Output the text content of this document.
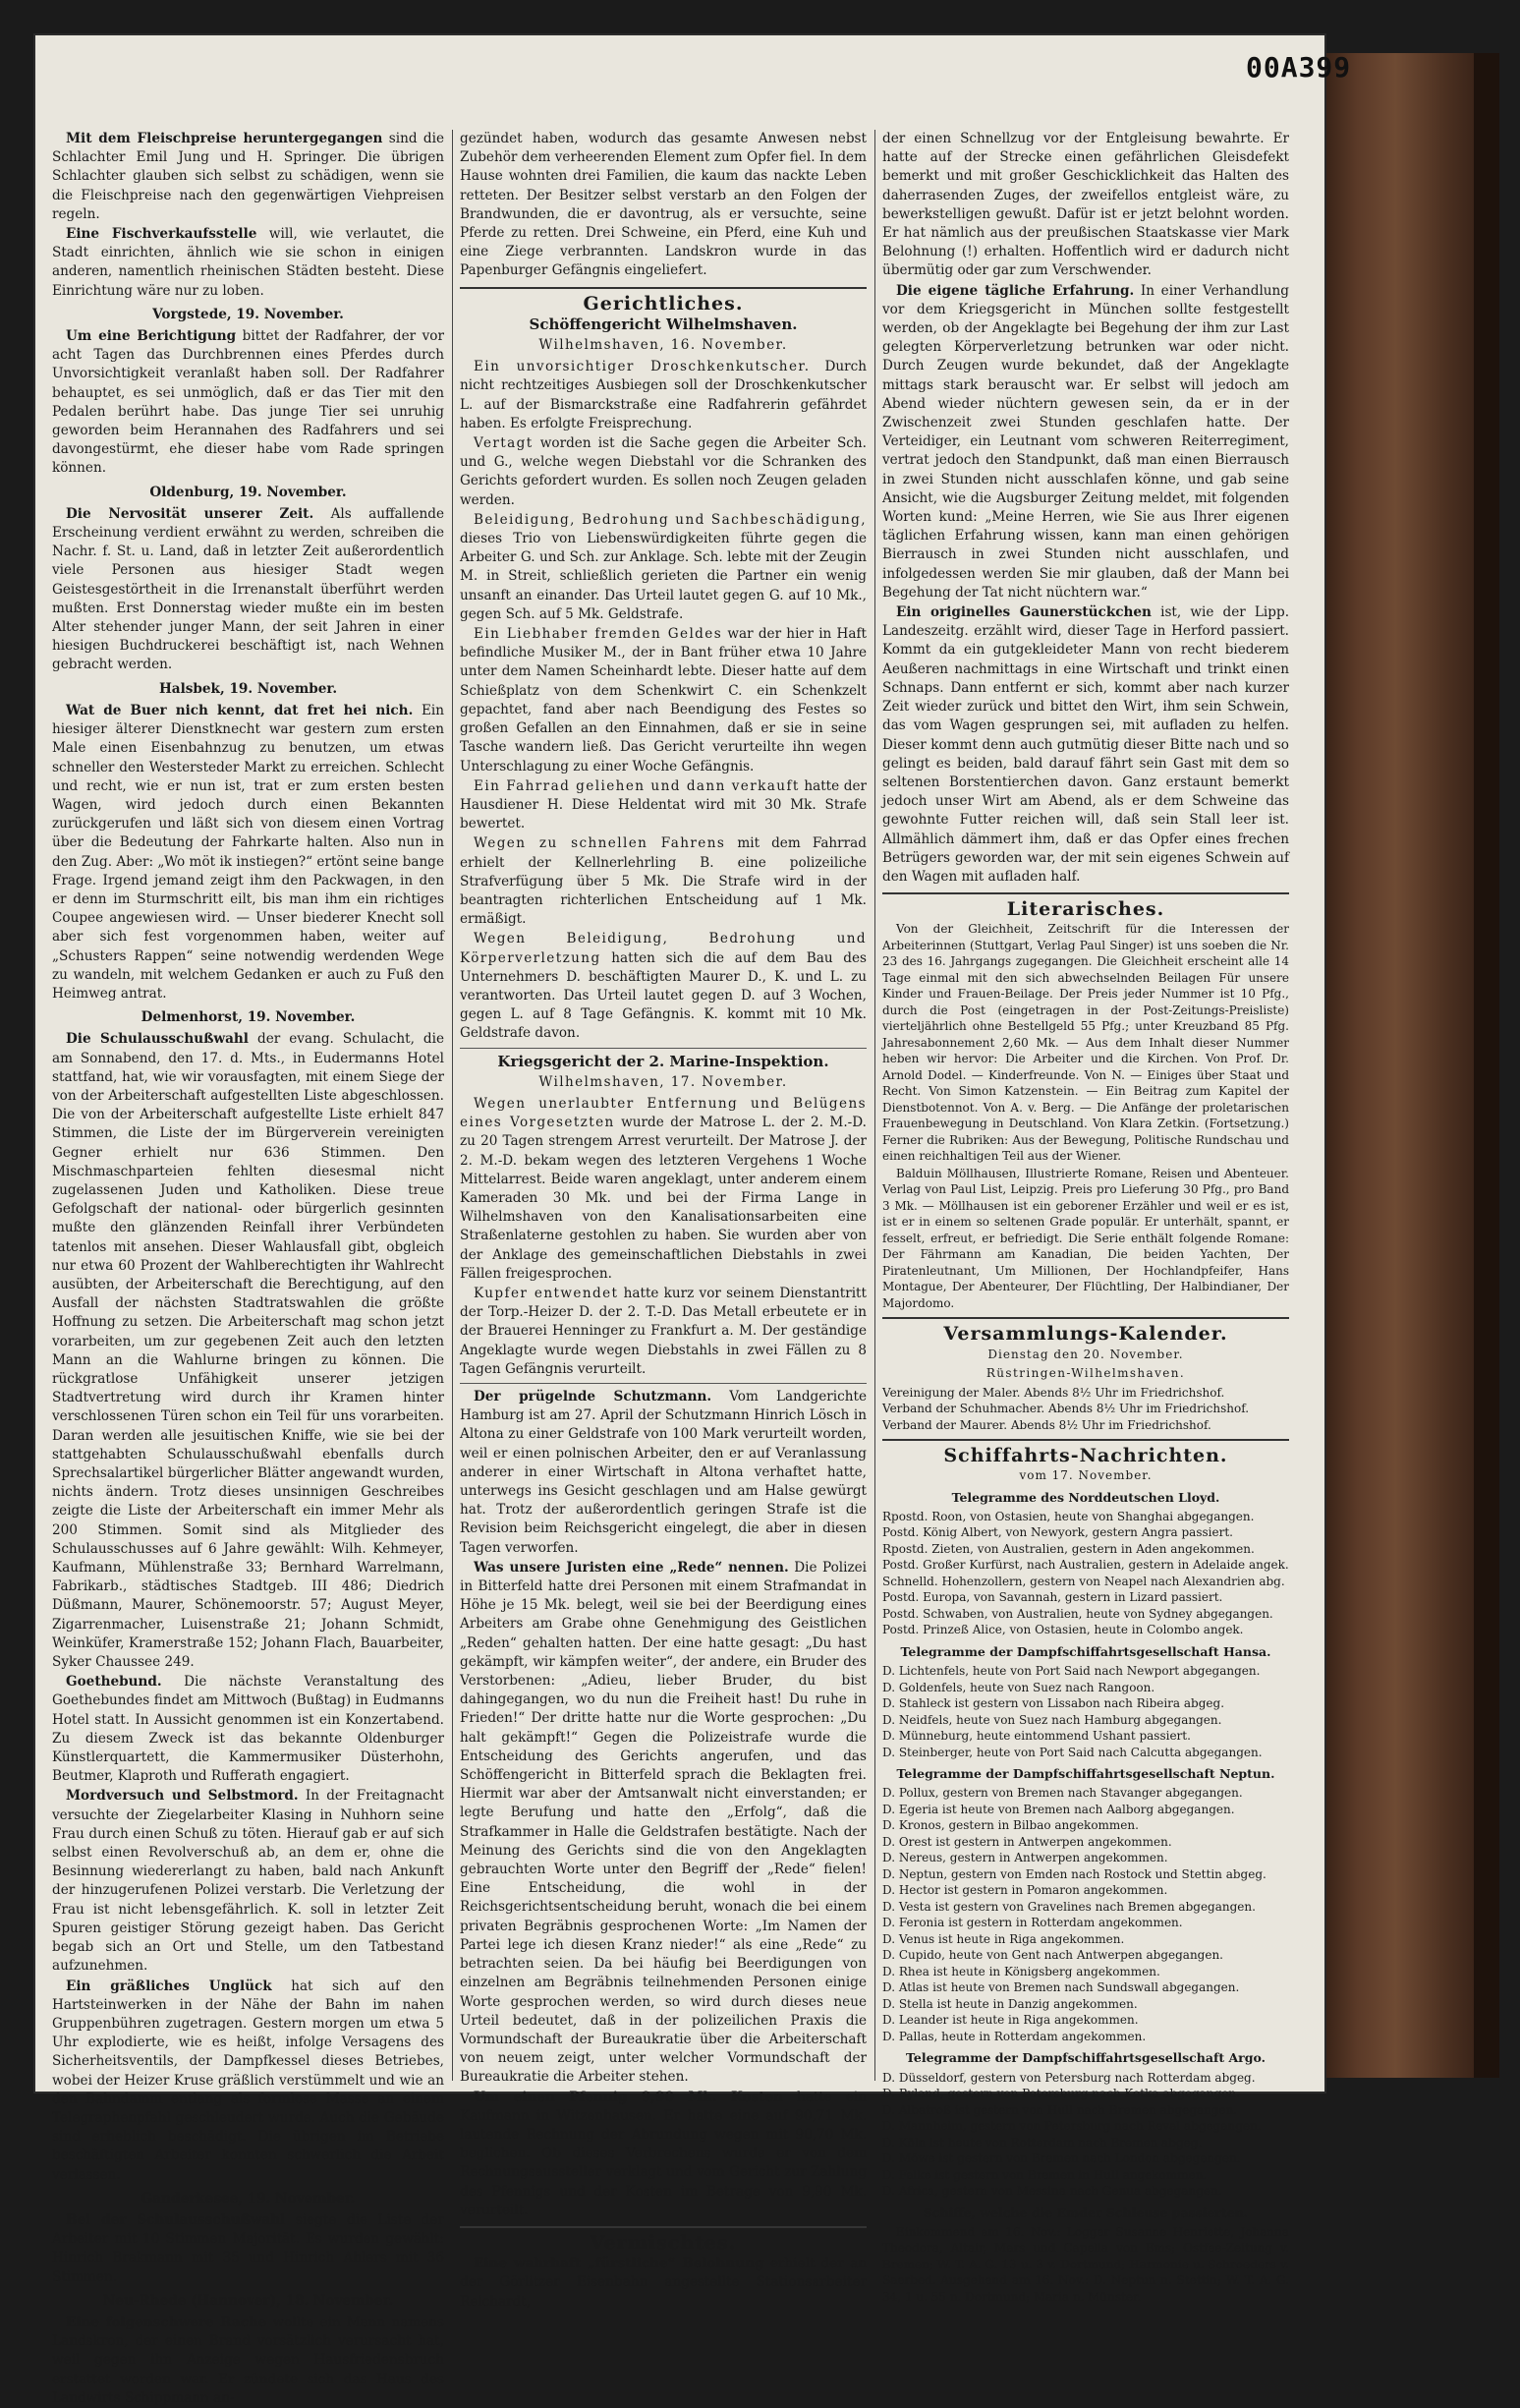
00A399

Mit dem Fleischpreise heruntergegangen sind die Schlachter Emil Jung und H. Springer. Die übrigen Schlachter glauben sich selbst zu schädigen, wenn sie die Fleischpreise nach den gegenwärtigen Viehpreisen regeln.

Eine Fischverkaufsstelle will, wie verlautet, die Stadt einrichten, ähnlich wie sie schon in einigen anderen, namentlich rheinischen Städten besteht. Diese Einrichtung wäre nur zu loben.

Vorgstede, 19. November.

Um eine Berichtigung bittet der Radfahrer, der vor acht Tagen das Durchbrennen eines Pferdes durch Unvorsichtigkeit veranlaßt haben soll. Der Radfahrer behauptet, es sei unmöglich, daß er das Tier mit den Pedalen berührt habe. Das junge Tier sei unruhig geworden beim Herannahen des Radfahrers und sei davongestürmt, ehe dieser habe vom Rade springen können.

Oldenburg, 19. November.

Die Nervosität unserer Zeit. Als auffallende Erscheinung verdient erwähnt zu werden, schreiben die Nachr. f. St. u. Land, daß in letzter Zeit außerordentlich viele Personen aus hiesiger Stadt wegen Geistesgestörtheit in die Irrenanstalt überführt werden mußten. Erst Donnerstag wieder mußte ein im besten Alter stehender junger Mann, der seit Jahren in einer hiesigen Buchdruckerei beschäftigt ist, nach Wehnen gebracht werden.

Halsbek, 19. November.

Wat de Buer nich kennt, dat fret hei nich. Ein hiesiger älterer Dienstknecht war gestern zum ersten Male einen Eisenbahnzug zu benutzen, um etwas schneller den Westersteder Markt zu erreichen. Schlecht und recht, wie er nun ist, trat er zum ersten besten Wagen, wird jedoch durch einen Bekannten zurückgerufen und läßt sich von diesem einen Vortrag über die Bedeutung der Fahrkarte halten. Also nun in den Zug. Aber: „Wo möt ik instiegen?“ ertönt seine bange Frage. Irgend jemand zeigt ihm den Packwagen, in den er denn im Sturmschritt eilt, bis man ihm ein richtiges Coupee angewiesen wird. — Unser biederer Knecht soll aber sich fest vorgenommen haben, weiter auf „Schusters Rappen“ seine notwendig werdenden Wege zu wandeln, mit welchem Gedanken er auch zu Fuß den Heimweg antrat.

Delmenhorst, 19. November.

Die Schulausschußwahl der evang. Schulacht, die am Sonnabend, den 17. d. Mts., in Eudermanns Hotel stattfand, hat, wie wir vorausfagten, mit einem Siege der von der Arbeiterschaft aufgestellten Liste abgeschlossen. Die von der Arbeiterschaft aufgestellte Liste erhielt 847 Stimmen, die Liste der im Bürgerverein vereinigten Gegner erhielt nur 636 Stimmen. Den Mischmaschparteien fehlten diesesmal nicht zugelassenen Juden und Katholiken. Diese treue Gefolgschaft der national- oder bürgerlich gesinnten mußte den glänzenden Reinfall ihrer Verbündeten tatenlos mit ansehen. Dieser Wahlausfall gibt, obgleich nur etwa 60 Prozent der Wahlberechtigten ihr Wahlrecht ausübten, der Arbeiterschaft die Berechtigung, auf den Ausfall der nächsten Stadtratswahlen die größte Hoffnung zu setzen. Die Arbeiterschaft mag schon jetzt vorarbeiten, um zur gegebenen Zeit auch den letzten Mann an die Wahlurne bringen zu können. Die rückgratlose Unfähigkeit unserer jetzigen Stadtvertretung wird durch ihr Kramen hinter verschlossenen Türen schon ein Teil für uns vorarbeiten. Daran werden alle jesuitischen Kniffe, wie sie bei der stattgehabten Schulausschußwahl ebenfalls durch Sprechsalartikel bürgerlicher Blätter angewandt wurden, nichts ändern. Trotz dieses unsinnigen Geschreibes zeigte die Liste der Arbeiterschaft ein immer Mehr als 200 Stimmen. Somit sind als Mitglieder des Schulausschusses auf 6 Jahre gewählt: Wilh. Kehmeyer, Kaufmann, Mühlenstraße 33; Bernhard Warrelmann, Fabrikarb., städtisches Stadtgeb. III 486; Diedrich Düßmann, Maurer, Schönemoorstr. 57; August Meyer, Zigarrenmacher, Luisenstraße 21; Johann Schmidt, Weinküfer, Kramerstraße 152; Johann Flach, Bauarbeiter, Syker Chaussee 249.

Goethebund. Die nächste Veranstaltung des Goethebundes findet am Mittwoch (Bußtag) in Eudmanns Hotel statt. In Aussicht genommen ist ein Konzertabend. Zu diesem Zweck ist das bekannte Oldenburger Künstlerquartett, die Kammermusiker Düsterhohn, Beutmer, Klaproth und Rufferath engagiert.

Mordversuch und Selbstmord. In der Freitagnacht versuchte der Ziegelarbeiter Klasing in Nuhhorn seine Frau durch einen Schuß zu töten. Hierauf gab er auf sich selbst einen Revolverschuß ab, an dem er, ohne die Besinnung wiedererlangt zu haben, bald nach Ankunft der hinzugerufenen Polizei verstarb. Die Verletzung der Frau ist nicht lebensgefährlich. K. soll in letzter Zeit Spuren geistiger Störung gezeigt haben. Das Gericht begab sich an Ort und Stelle, um den Tatbestand aufzunehmen.

Ein gräßliches Unglück hat sich auf den Hartsteinwerken in der Nähe der Bahn im nahen Gruppenbühren zugetragen. Gestern morgen um etwa 5 Uhr explodierte, wie es heißt, infolge Versagens des Sicherheitsventils, der Dampfkessel dieses Betriebes, wobei der Heizer Kruse gräßlich verstümmelt und wie an den Bahndamm entlang als formlose Masse an einem Telegraphenpfahl geschleudert wurde. Auch die Gebäude sind erheblich beschädigt. Die übrigen im Betriebe beschäftigten Arbeiter konnten schwerlich die Arbeit verlassen.

Ganderkesee, 19. November.

Bei der Schulausschußwahl siegte die Liste der Arbeiter mit 10 Stimmen Majorität. Es wurden gewählt: Hinrich Brakmann mit 35 und Hinrich Ahlers mit 36 Stimmen.

Neu-Rhede (Hannover), 18. November.

Eine folgenschwere Rache wollte ein Mann namens Landskron, der einen Brand vorsätzlich verursacht hat, weil gegen ihn Anzeige wegen Hausfriedensbruch erstattet worden war. Er zündete sich das Haus des Landwirts Schippmann an-

gezündet haben, wodurch das gesamte Anwesen nebst Zubehör dem verheerenden Element zum Opfer fiel. In dem Hause wohnten drei Familien, die kaum das nackte Leben retteten. Der Besitzer selbst verstarb an den Folgen der Brandwunden, die er davontrug, als er versuchte, seine Pferde zu retten. Drei Schweine, ein Pferd, eine Kuh und eine Ziege verbrannten. Landskron wurde in das Papenburger Gefängnis eingeliefert.

Gerichtliches.
Schöffengericht Wilhelmshaven.
Wilhelmshaven, 16. November.

Ein unvorsichtiger Droschkenkutscher. Durch nicht rechtzeitiges Ausbiegen soll der Droschkenkutscher L. auf der Bismarckstraße eine Radfahrerin gefährdet haben. Es erfolgte Freisprechung.

Vertagt worden ist die Sache gegen die Arbeiter Sch. und G., welche wegen Diebstahl vor die Schranken des Gerichts gefordert wurden. Es sollen noch Zeugen geladen werden.

Beleidigung, Bedrohung und Sachbeschädigung, dieses Trio von Liebenswürdigkeiten führte gegen die Arbeiter G. und Sch. zur Anklage. Sch. lebte mit der Zeugin M. in Streit, schließlich gerieten die Partner ein wenig unsanft an einander. Das Urteil lautet gegen G. auf 10 Mk., gegen Sch. auf 5 Mk. Geldstrafe.

Ein Liebhaber fremden Geldes war der hier in Haft befindliche Musiker M., der in Bant früher etwa 10 Jahre unter dem Namen Scheinhardt lebte. Dieser hatte auf dem Schießplatz von dem Schenkwirt C. ein Schenkzelt gepachtet, fand aber nach Beendigung des Festes so großen Gefallen an den Einnahmen, daß er sie in seine Tasche wandern ließ. Das Gericht verurteilte ihn wegen Unterschlagung zu einer Woche Gefängnis.

Ein Fahrrad geliehen und dann verkauft hatte der Hausdiener H. Diese Heldentat wird mit 30 Mk. Strafe bewertet.

Wegen zu schnellen Fahrens mit dem Fahrrad erhielt der Kellnerlehrling B. eine polizeiliche Strafverfügung über 5 Mk. Die Strafe wird in der beantragten richterlichen Entscheidung auf 1 Mk. ermäßigt.

Wegen Beleidigung, Bedrohung und Körperverletzung hatten sich die auf dem Bau des Unternehmers D. beschäftigten Maurer D., K. und L. zu verantworten. Das Urteil lautet gegen D. auf 3 Wochen, gegen L. auf 8 Tage Gefängnis. K. kommt mit 10 Mk. Geldstrafe davon.

Kriegsgericht der 2. Marine-Inspektion.
Wilhelmshaven, 17. November.

Wegen unerlaubter Entfernung und Belügens eines Vorgesetzten wurde der Matrose L. der 2. M.-D. zu 20 Tagen strengem Arrest verurteilt. Der Matrose J. der 2. M.-D. bekam wegen des letzteren Vergehens 1 Woche Mittelarrest. Beide waren angeklagt, unter anderem einem Kameraden 30 Mk. und bei der Firma Lange in Wilhelmshaven von den Kanalisationsarbeiten eine Straßenlaterne gestohlen zu haben. Sie wurden aber von der Anklage des gemeinschaftlichen Diebstahls in zwei Fällen freigesprochen.

Kupfer entwendet hatte kurz vor seinem Dienstantritt der Torp.-Heizer D. der 2. T.-D. Das Metall erbeutete er in der Brauerei Henninger zu Frankfurt a. M. Der geständige Angeklagte wurde wegen Diebstahls in zwei Fällen zu 8 Tagen Gefängnis verurteilt.

Der prügelnde Schutzmann. Vom Landgerichte Hamburg ist am 27. April der Schutzmann Hinrich Lösch in Altona zu einer Geldstrafe von 100 Mark verurteilt worden, weil er einen polnischen Arbeiter, den er auf Veranlassung anderer in einer Wirtschaft in Altona verhaftet hatte, unterwegs ins Gesicht geschlagen und am Halse gewürgt hat. Trotz der außerordentlich geringen Strafe ist die Revision beim Reichsgericht eingelegt, die aber in diesen Tagen verworfen.

Was unsere Juristen eine „Rede“ nennen. Die Polizei in Bitterfeld hatte drei Personen mit einem Strafmandat in Höhe je 15 Mk. belegt, weil sie bei der Beerdigung eines Arbeiters am Grabe ohne Genehmigung des Geistlichen „Reden“ gehalten hatten. Der eine hatte gesagt: „Du hast gekämpft, wir kämpfen weiter“, der andere, ein Bruder des Verstorbenen: „Adieu, lieber Bruder, du bist dahingegangen, wo du nun die Freiheit hast! Du ruhe in Frieden!“ Der dritte hatte nur die Worte gesprochen: „Du halt gekämpft!“ Gegen die Polizeistrafe wurde die Entscheidung des Gerichts angerufen, und das Schöffengericht in Bitterfeld sprach die Beklagten frei. Hiermit war aber der Amtsanwalt nicht einverstanden; er legte Berufung und hatte den „Erfolg“, daß die Strafkammer in Halle die Geldstrafen bestätigte. Nach der Meinung des Gerichts sind die von den Angeklagten gebrauchten Worte unter den Begriff der „Rede“ fielen! Eine Entscheidung, die wohl in der Reichsgerichtsentscheidung beruht, wonach die bei einem privaten Begräbnis gesprochenen Worte: „Im Namen der Partei lege ich diesen Kranz nieder!“ als eine „Rede“ zu betrachten seien. Da bei häufig bei Beerdigungen von einzelnen am Begräbnis teilnehmenden Personen einige Worte gesprochen werden, so wird durch dieses neue Urteil bedeutet, daß in der polizeilichen Praxis die Vormundschaft der Bureaukratie über die Arbeiterschaft von neuem zeigt, unter welcher Vormundschaft der Bureaukratie die Arbeiter stehen.

Um einen Pfennig 9,90 Mk. Kosten hatte ein Kaufmann in Witzenhausen. Er hatte eine auf 90,71 Mk. lautende Rechnung der Abrundung wegen mit 90,70 Mk. beglichen. Ob dieses Verbrechens wurde er von dem Rechnungsaussteller verklagt und vom Gericht zur Zahlung des Pfennigs und der Kosten im Betrage von 9,90 Mk. verurteilt.

Vermischtes.

Eine wahrhaft „fürstliche“ Belohnung erhielt der an der Görlitzer Eisenbahn angestellte Stationsarbeiter Reichardt,

der einen Schnellzug vor der Entgleisung bewahrte. Er hatte auf der Strecke einen gefährlichen Gleisdefekt bemerkt und mit großer Geschicklichkeit das Halten des daherrasenden Zuges, der zweifellos entgleist wäre, zu bewerkstelligen gewußt. Dafür ist er jetzt belohnt worden. Er hat nämlich aus der preußischen Staatskasse vier Mark Belohnung (!) erhalten. Hoffentlich wird er dadurch nicht übermütig oder gar zum Verschwender.

Die eigene tägliche Erfahrung. In einer Verhandlung vor dem Kriegsgericht in München sollte festgestellt werden, ob der Angeklagte bei Begehung der ihm zur Last gelegten Körperverletzung betrunken war oder nicht. Durch Zeugen wurde bekundet, daß der Angeklagte mittags stark berauscht war. Er selbst will jedoch am Abend wieder nüchtern gewesen sein, da er in der Zwischenzeit zwei Stunden geschlafen hatte. Der Verteidiger, ein Leutnant vom schweren Reiterregiment, vertrat jedoch den Standpunkt, daß man einen Bierrausch in zwei Stunden nicht ausschlafen könne, und gab seine Ansicht, wie die Augsburger Zeitung meldet, mit folgenden Worten kund: „Meine Herren, wie Sie aus Ihrer eigenen täglichen Erfahrung wissen, kann man einen gehörigen Bierrausch in zwei Stunden nicht ausschlafen, und infolgedessen werden Sie mir glauben, daß der Mann bei Begehung der Tat nicht nüchtern war.“

Ein originelles Gaunerstückchen ist, wie der Lipp. Landeszeitg. erzählt wird, dieser Tage in Herford passiert. Kommt da ein gutgekleideter Mann von recht biederem Aeußeren nachmittags in eine Wirtschaft und trinkt einen Schnaps. Dann entfernt er sich, kommt aber nach kurzer Zeit wieder zurück und bittet den Wirt, ihm sein Schwein, das vom Wagen gesprungen sei, mit aufladen zu helfen. Dieser kommt denn auch gutmütig dieser Bitte nach und so gelingt es beiden, bald darauf fährt sein Gast mit dem so seltenen Borstentierchen davon. Ganz erstaunt bemerkt jedoch unser Wirt am Abend, als er dem Schweine das gewohnte Futter reichen will, daß sein Stall leer ist. Allmählich dämmert ihm, daß er das Opfer eines frechen Betrügers geworden war, der mit sein eigenes Schwein auf den Wagen mit aufladen half.

Literarisches.

Von der Gleichheit, Zeitschrift für die Interessen der Arbeiterinnen (Stuttgart, Verlag Paul Singer) ist uns soeben die Nr. 23 des 16. Jahrgangs zugegangen. Die Gleichheit erscheint alle 14 Tage einmal mit den sich abwechselnden Beilagen Für unsere Kinder und Frauen-Beilage. Der Preis jeder Nummer ist 10 Pfg., durch die Post (eingetragen in der Post-Zeitungs-Preisliste) vierteljährlich ohne Bestellgeld 55 Pfg.; unter Kreuzband 85 Pfg. Jahresabonnement 2,60 Mk. — Aus dem Inhalt dieser Nummer heben wir hervor: Die Arbeiter und die Kirchen. Von Prof. Dr. Arnold Dodel. — Kinderfreunde. Von N. — Einiges über Staat und Recht. Von Simon Katzenstein. — Ein Beitrag zum Kapitel der Dienstbotennot. Von A. v. Berg. — Die Anfänge der proletarischen Frauenbewegung in Deutschland. Von Klara Zetkin. (Fortsetzung.) Ferner die Rubriken: Aus der Bewegung, Politische Rundschau und einen reichhaltigen Teil aus der Wiener.

Balduin Möllhausen, Illustrierte Romane, Reisen und Abenteuer. Verlag von Paul List, Leipzig. Preis pro Lieferung 30 Pfg., pro Band 3 Mk. — Möllhausen ist ein geborener Erzähler und weil er es ist, ist er in einem so seltenen Grade populär. Er unterhält, spannt, er fesselt, erfreut, er befriedigt. Die Serie enthält folgende Romane: Der Fährmann am Kanadian, Die beiden Yachten, Der Piratenleutnant, Um Millionen, Der Hochlandpfeifer, Hans Montague, Der Abenteurer, Der Flüchtling, Der Halbindianer, Der Majordomo.

Versammlungs-Kalender.
Dienstag den 20. November.
Rüstringen-Wilhelmshaven.
Vereinigung der Maler. Abends 8½ Uhr im Friedrichshof.
Verband der Schuhmacher. Abends 8½ Uhr im Friedrichshof.
Verband der Maurer. Abends 8½ Uhr im Friedrichshof.
Schiffahrts-Nachrichten.
vom 17. November.
Telegramme des Norddeutschen Lloyd.
Rpostd. Roon, von Ostasien, heute von Shanghai abgegangen.
Postd. König Albert, von Newyork, gestern Angra passiert.
Rpostd. Zieten, von Australien, gestern in Aden angekommen.
Postd. Großer Kurfürst, nach Australien, gestern in Adelaide angek.
Schnelld. Hohenzollern, gestern von Neapel nach Alexandrien abg.
Postd. Europa, von Savannah, gestern in Lizard passiert.
Postd. Schwaben, von Australien, heute von Sydney abgegangen.
Postd. Prinzeß Alice, von Ostasien, heute in Colombo angek.
Telegramme der Dampfschiffahrtsgesellschaft Hansa.
D. Lichtenfels, heute von Port Said nach Newport abgegangen.
D. Goldenfels, heute von Suez nach Rangoon.
D. Stahleck ist gestern von Lissabon nach Ribeira abgeg.
D. Neidfels, heute von Suez nach Hamburg abgegangen.
D. Münneburg, heute eintommend Ushant passiert.
D. Steinberger, heute von Port Said nach Calcutta abgegangen.
Telegramme der Dampfschiffahrtsgesellschaft Neptun.
D. Pollux, gestern von Bremen nach Stavanger abgegangen.
D. Egeria ist heute von Bremen nach Aalborg abgegangen.
D. Kronos, gestern in Bilbao angekommen.
D. Orest ist gestern in Antwerpen angekommen.
D. Nereus, gestern in Antwerpen angekommen.
D. Neptun, gestern von Emden nach Rostock und Stettin abgeg.
D. Hector ist gestern in Pomaron angekommen.
D. Vesta ist gestern von Gravelines nach Bremen abgegangen.
D. Feronia ist gestern in Rotterdam angekommen.
D. Venus ist heute in Riga angekommen.
D. Cupido, heute von Gent nach Antwerpen abgegangen.
D. Rhea ist heute in Königsberg angekommen.
D. Atlas ist heute von Bremen nach Sundswall abgegangen.
D. Stella ist heute in Danzig angekommen.
D. Leander ist heute in Riga angekommen.
D. Pallas, heute in Rotterdam angekommen.
Telegramme der Dampfschiffahrtsgesellschaft Argo.
D. Düsseldorf, gestern von Petersburg nach Rotterdam abgeg.
D. Ryland, gestern von Petersburg nach Kotka abgegangen.
D. Albatroß ist gestern von Hull nach Bremen abgegangen.
D. Mannheim, gestern von Petersburg nach Reval abgegangen.
D. Köln ist heute von Rotterdam nach Bremen abgeg.
D. Möwe ist gestern von Bremen nach London abgegangen.
D. Falke ist gestern von Bremen in Hull angekommen.
D. Africa, gestern von Messina nach Genua abgegangen.
Schiffe, welche die Emder Schleuse passierten.

Einkommend am 16. Nov.: Logger Susanne Henriette, Johanna Theodora, Altair, Mars und Capella von Ems; Ostfee-Zeitung v. Bremen; W. T. A. G. 13 u. 3 v. Dortmund; Harmonie u. Schroeders v. Saerbed. Ausgehend am 16. Nov.: D. Neptun n. Stettin; W. T. A. G. 34, 1 u. 55 n. Dortmund; Maria n. Münster.
